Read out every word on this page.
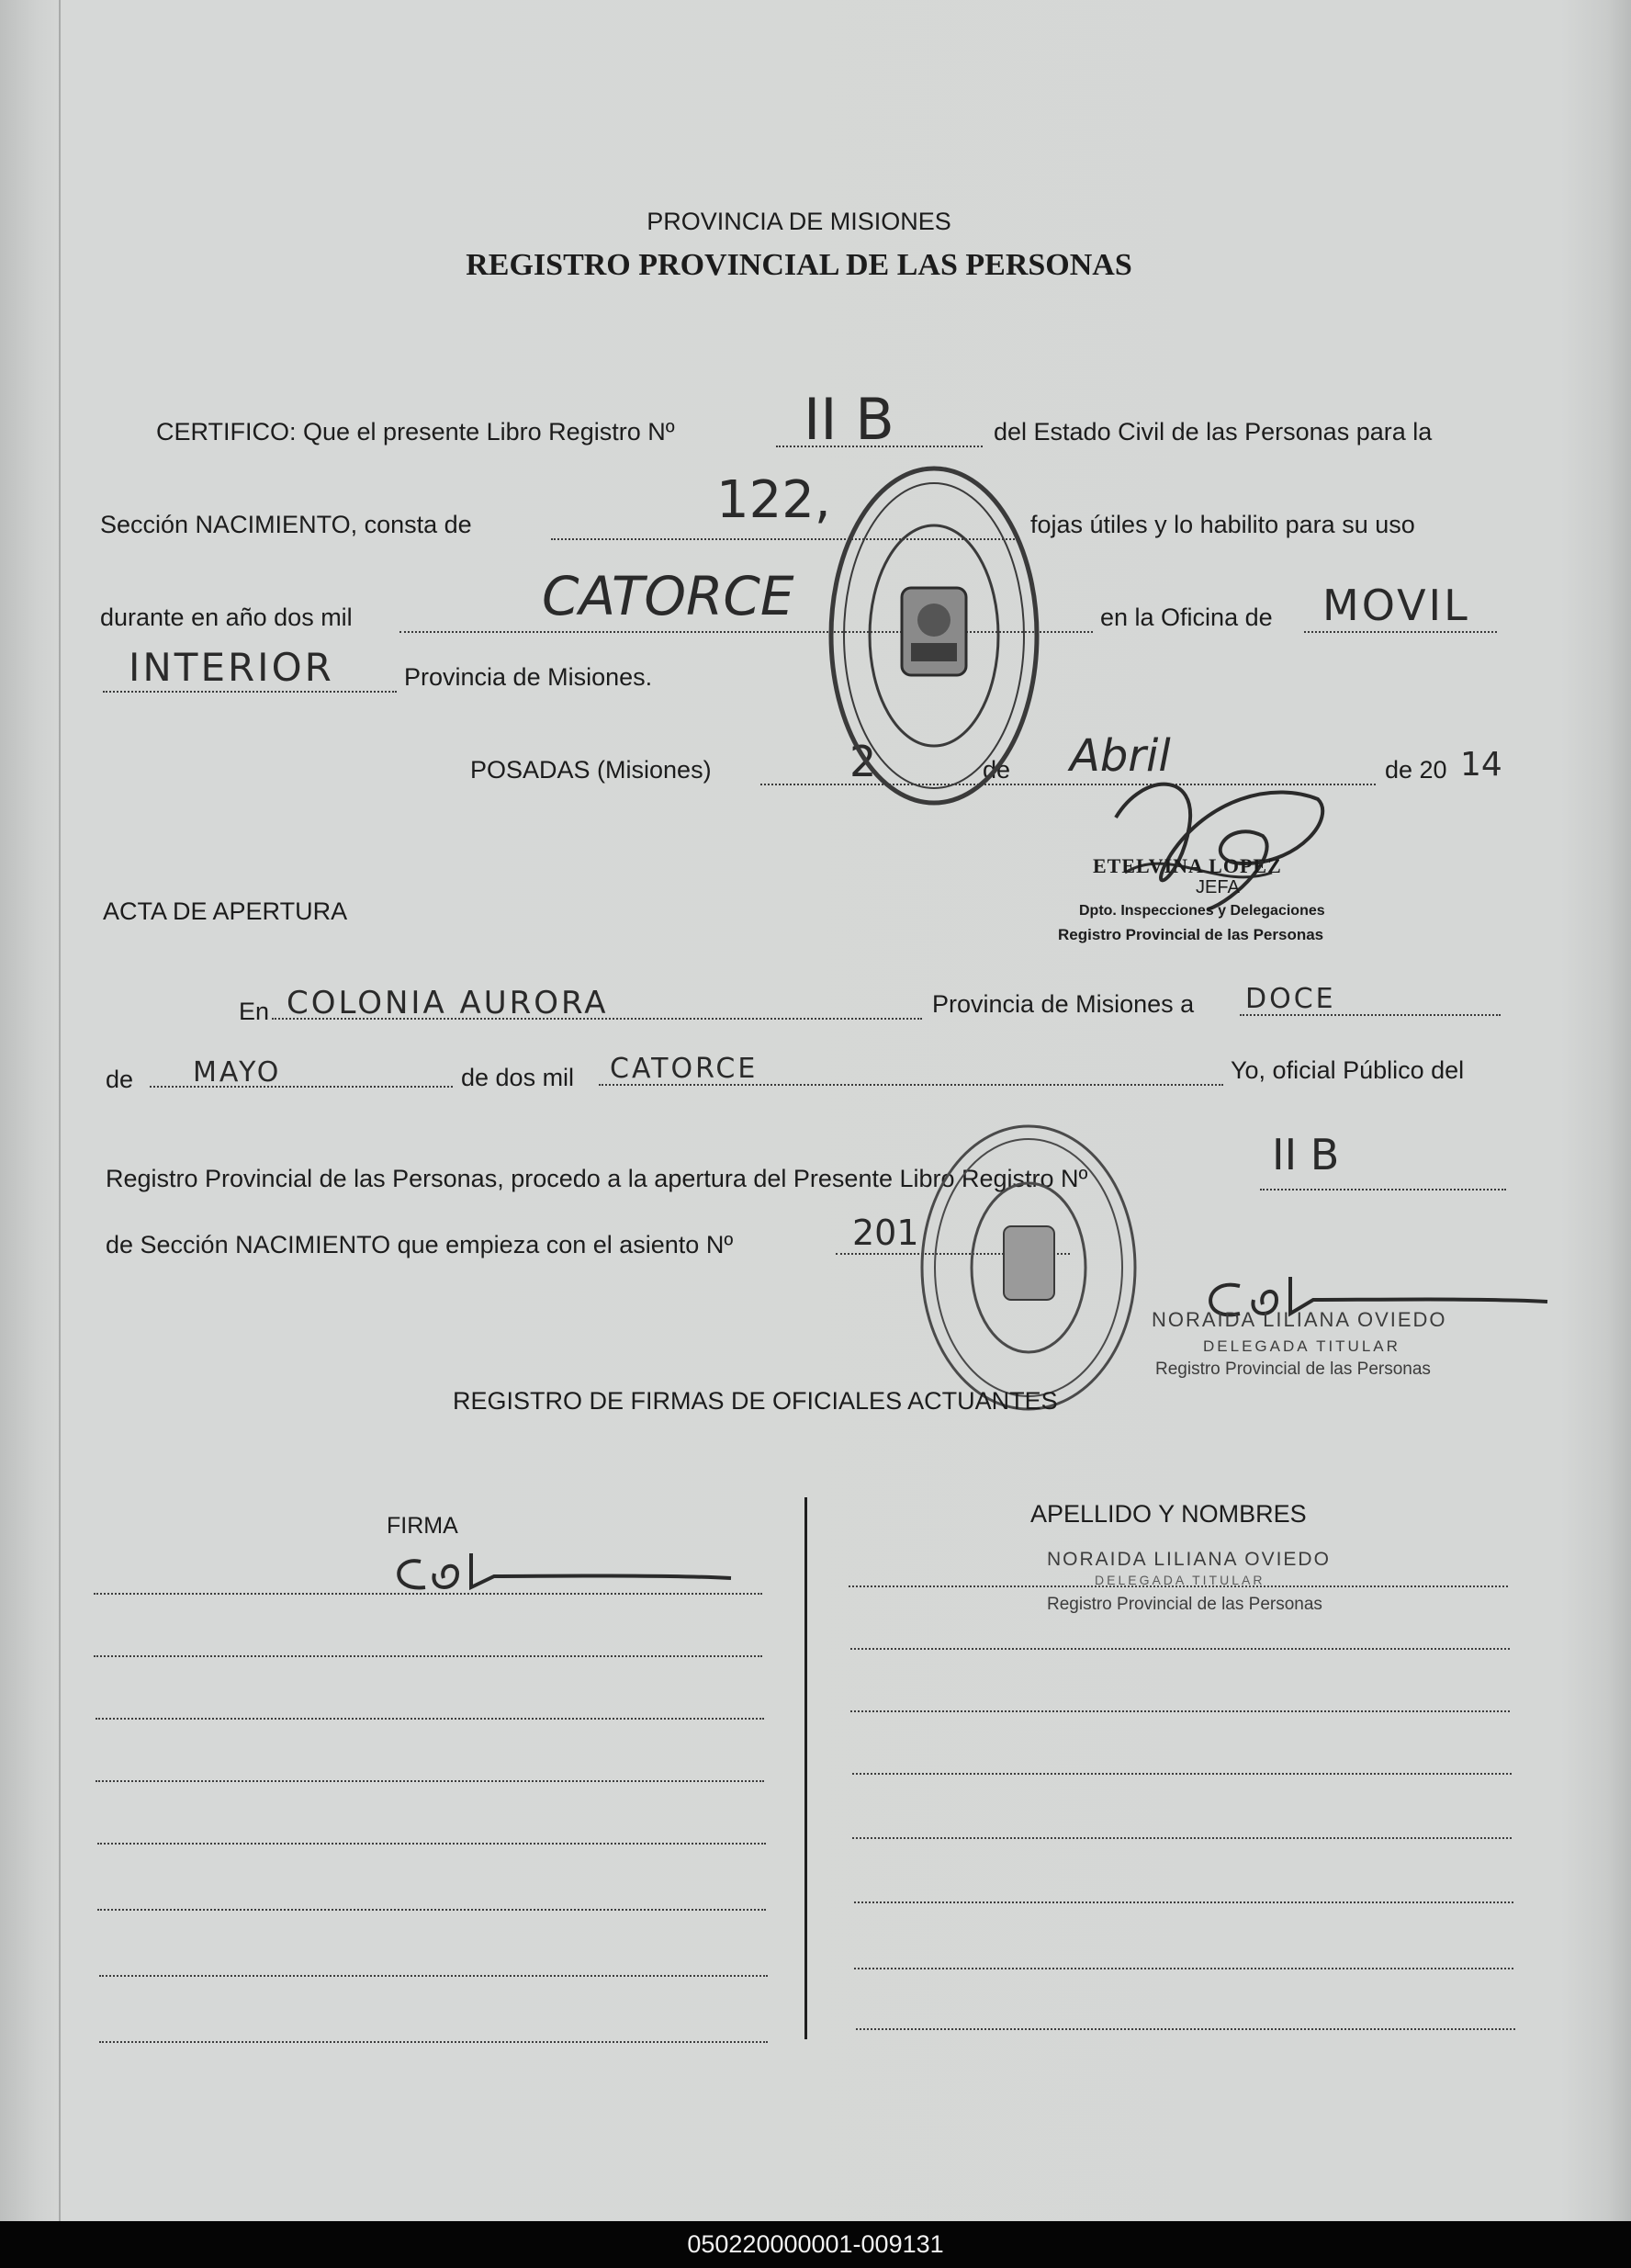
PROVINCIA DE MISIONES
REGISTRO PROVINCIAL DE LAS PERSONAS
CERTIFICO: Que el presente Libro Registro Nº II B	del Estado Civil de las Personas para la
Sección NACIMIENTO, consta de	122,	fojas útiles y lo habilito para su uso
durante en año dos mil	CATORCE	en la Oficina de MOVIL
INTERIOR	Provincia de Misiones.
POSADAS (Misiones)	2	de Abril	de 20 14
ETELVINA LOPEZ
JEFA
Dpto. Inspecciones y Delegaciones
Registro Provincial de las Personas
ACTA DE APERTURA
En COLONIA AURORA	Provincia de Misiones a DOCE
de MAYO	de dos mil CATORCE	Yo, oficial Público del
Registro Provincial de las Personas, procedo a la apertura del Presente Libro Registro Nº	II B
de Sección NACIMIENTO que empieza con el asiento Nº	201
NORAIDA LILIANA OVIEDO
DELEGADA TITULAR
Registro Provincial de las Personas
REGISTRO DE FIRMAS DE OFICIALES ACTUANTES
FIRMA	APELLIDO Y NOMBRES
NORAIDA LILIANA OVIEDO
DELEGADA TITULAR
Registro Provincial de las Personas
050220000001-009131
